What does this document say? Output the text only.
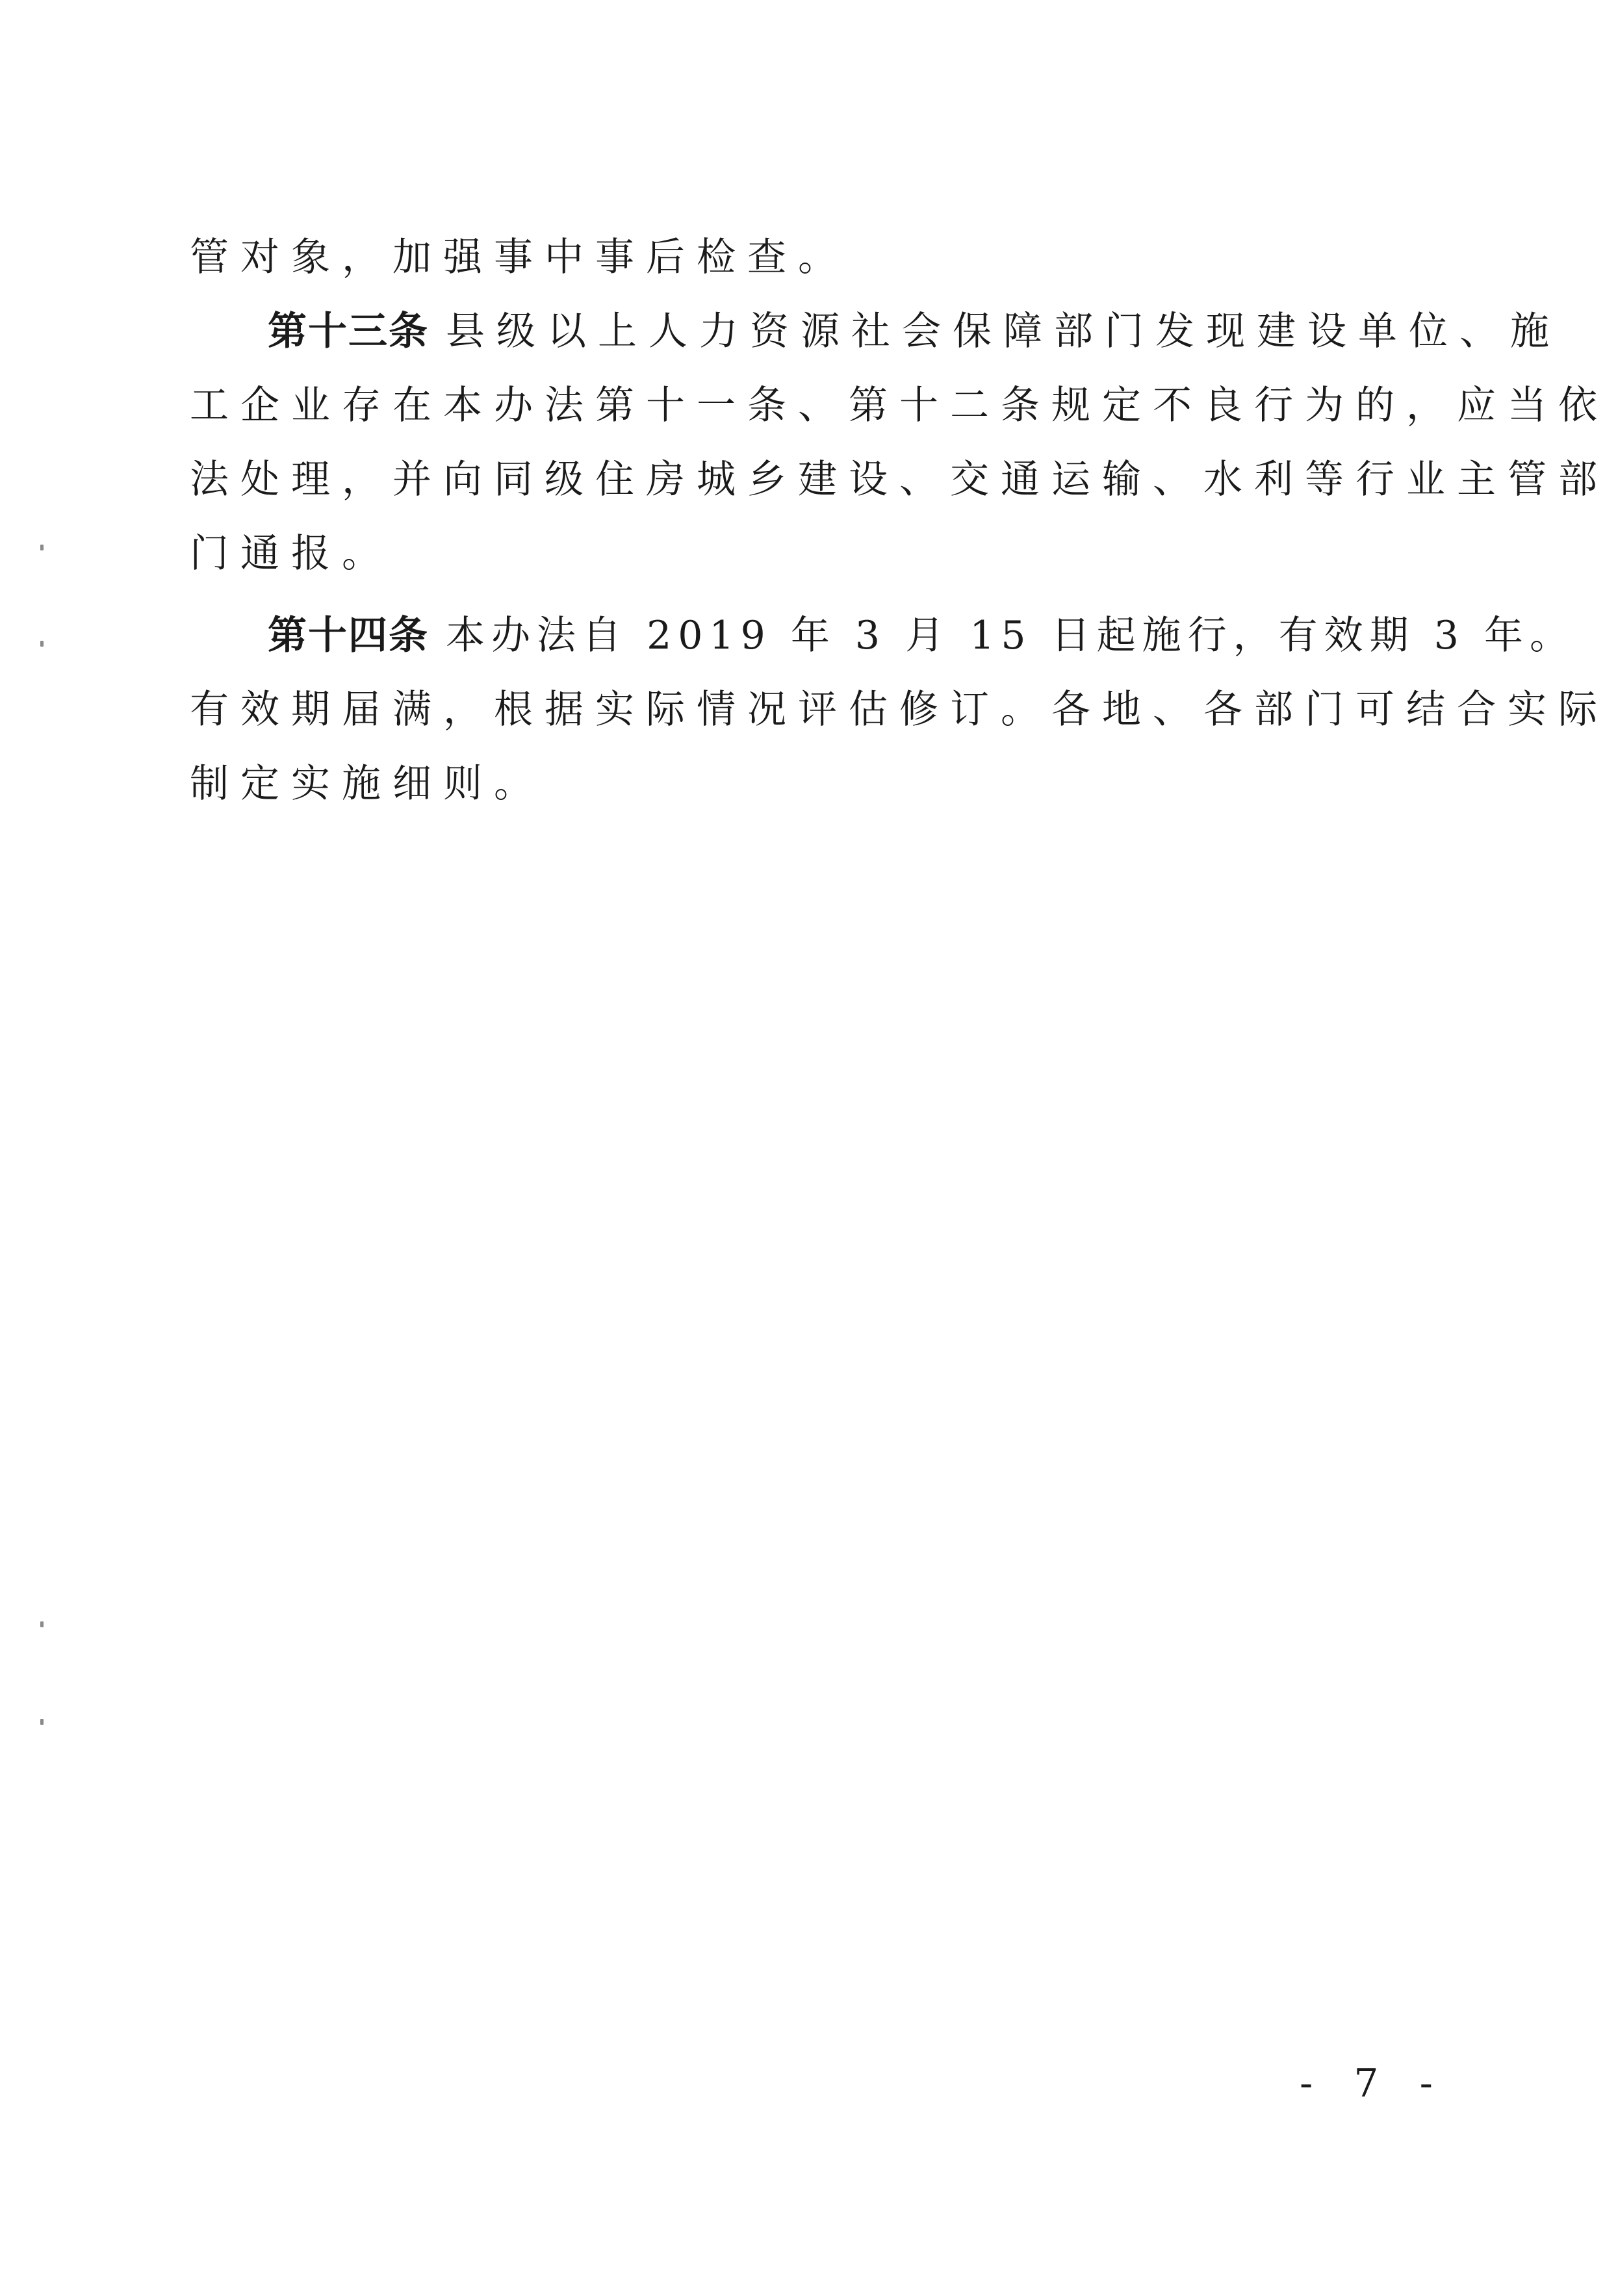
管对象，加强事中事后检查。
第十三条 县级以上人力资源社会保障部门发现建设单位、施
工企业存在本办法第十一条、第十二条规定不良行为的，应当依
法处理，并向同级住房城乡建设、交通运输、水利等行业主管部
门通报。
第十四条 本办法自 2019 年 3 月 15 日起施行，有效期 3 年。
有效期届满，根据实际情况评估修订。各地、各部门可结合实际
制定实施细则。
- 7 -
